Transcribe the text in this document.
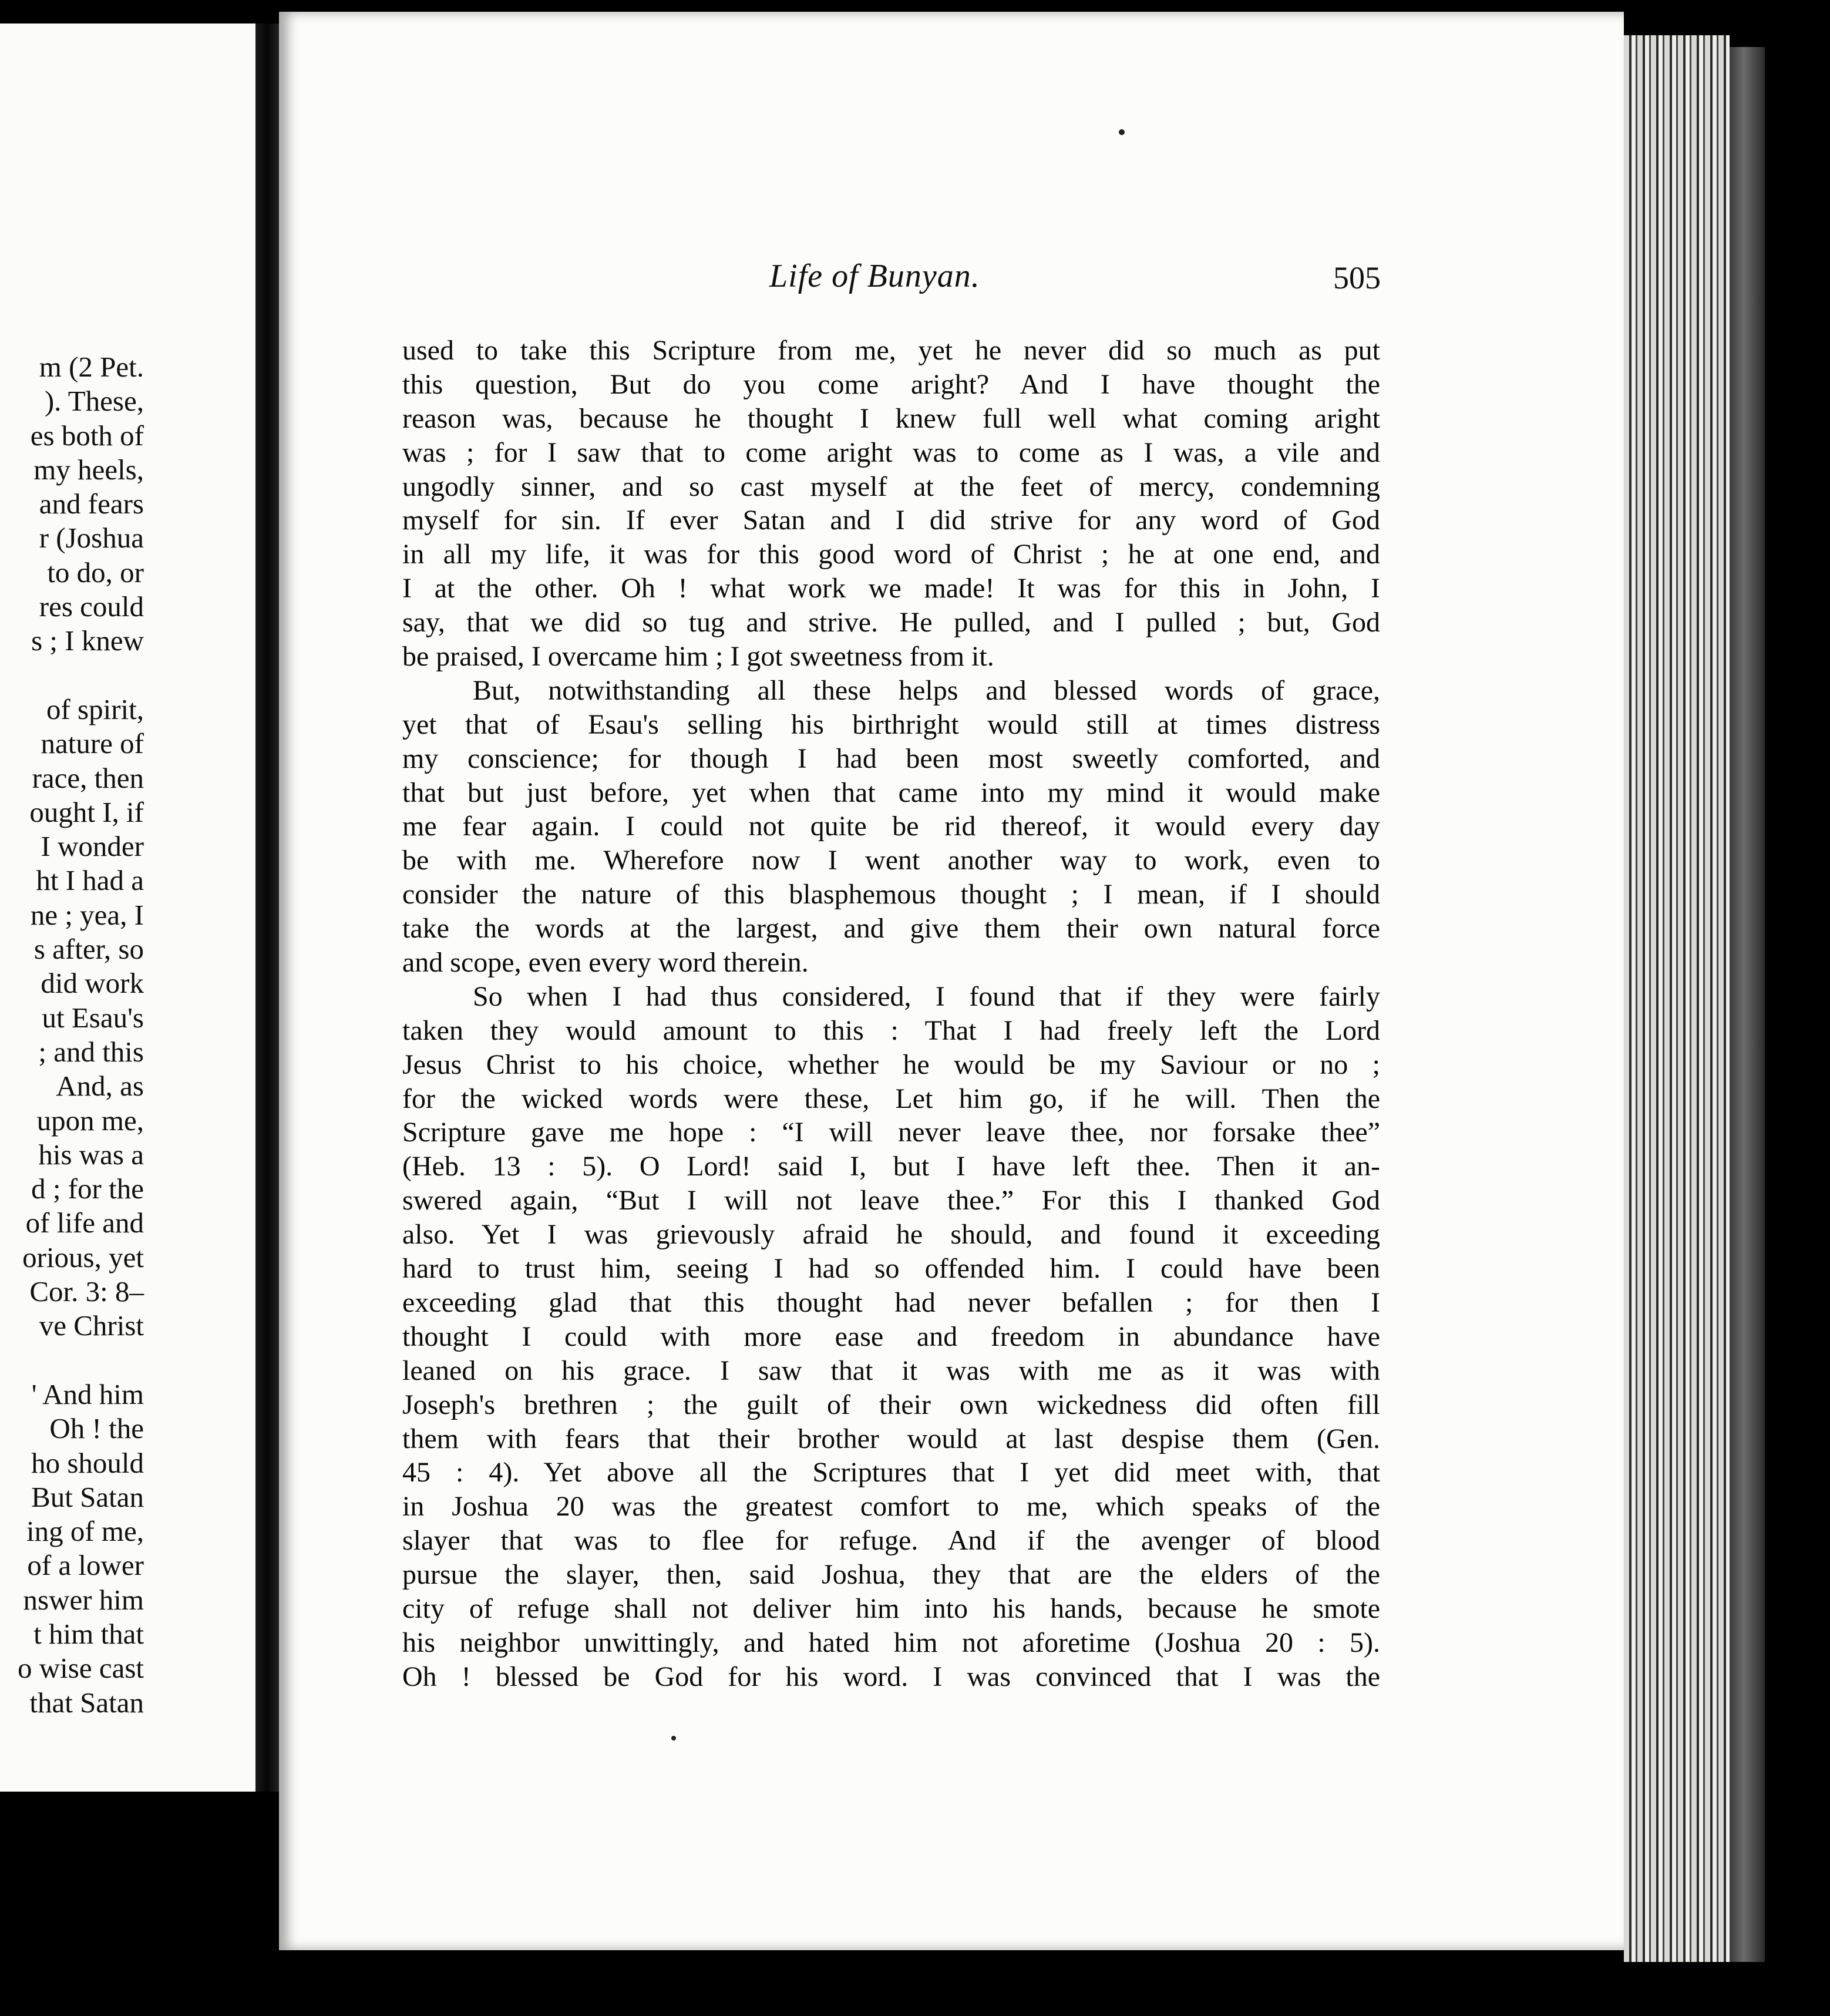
m (2 Pet.
). These,
es both of
my heels,
and fears
r (Joshua
to do, or
res could
s ; I knew
of spirit,
nature of
race, then
ought I, if
I wonder
ht I had a
ne ; yea, I
s after, so
did work
ut Esau's
; and this
And, as
upon me,
his was a
d ; for the
of life and
orious, yet
Cor. 3: 8–
ve Christ
' And him
Oh ! the
ho should
But Satan
ing of me,
of a lower
nswer him
t him that
o wise cast
that Satan
Life of Bunyan.	505
used to take this Scripture from me, yet he never did so much as put
this question, But do you come aright? And I have thought the
reason was, because he thought I knew full well what coming aright
was ; for I saw that to come aright was to come as I was, a vile and
ungodly sinner, and so cast myself at the feet of mercy, condemning
myself for sin. If ever Satan and I did strive for any word of God
in all my life, it was for this good word of Christ ; he at one end, and
I at the other. Oh ! what work we made! It was for this in John, I
say, that we did so tug and strive. He pulled, and I pulled ; but, God
be praised, I overcame him ; I got sweetness from it.
But, notwithstanding all these helps and blessed words of grace,
yet that of Esau's selling his birthright would still at times distress
my conscience; for though I had been most sweetly comforted, and
that but just before, yet when that came into my mind it would make
me fear again. I could not quite be rid thereof, it would every day
be with me. Wherefore now I went another way to work, even to
consider the nature of this blasphemous thought ; I mean, if I should
take the words at the largest, and give them their own natural force
and scope, even every word therein.
So when I had thus considered, I found that if they were fairly
taken they would amount to this : That I had freely left the Lord
Jesus Christ to his choice, whether he would be my Saviour or no ;
for the wicked words were these, Let him go, if he will. Then the
Scripture gave me hope : “I will never leave thee, nor forsake thee”
(Heb. 13 : 5). O Lord! said I, but I have left thee. Then it an-
swered again, “But I will not leave thee.” For this I thanked God
also. Yet I was grievously afraid he should, and found it exceeding
hard to trust him, seeing I had so offended him. I could have been
exceeding glad that this thought had never befallen ; for then I
thought I could with more ease and freedom in abundance have
leaned on his grace. I saw that it was with me as it was with
Joseph's brethren ; the guilt of their own wickedness did often fill
them with fears that their brother would at last despise them (Gen.
45 : 4). Yet above all the Scriptures that I yet did meet with, that
in Joshua 20 was the greatest comfort to me, which speaks of the
slayer that was to flee for refuge. And if the avenger of blood
pursue the slayer, then, said Joshua, they that are the elders of the
city of refuge shall not deliver him into his hands, because he smote
his neighbor unwittingly, and hated him not aforetime (Joshua 20 : 5).
Oh ! blessed be God for his word. I was convinced that I was the
